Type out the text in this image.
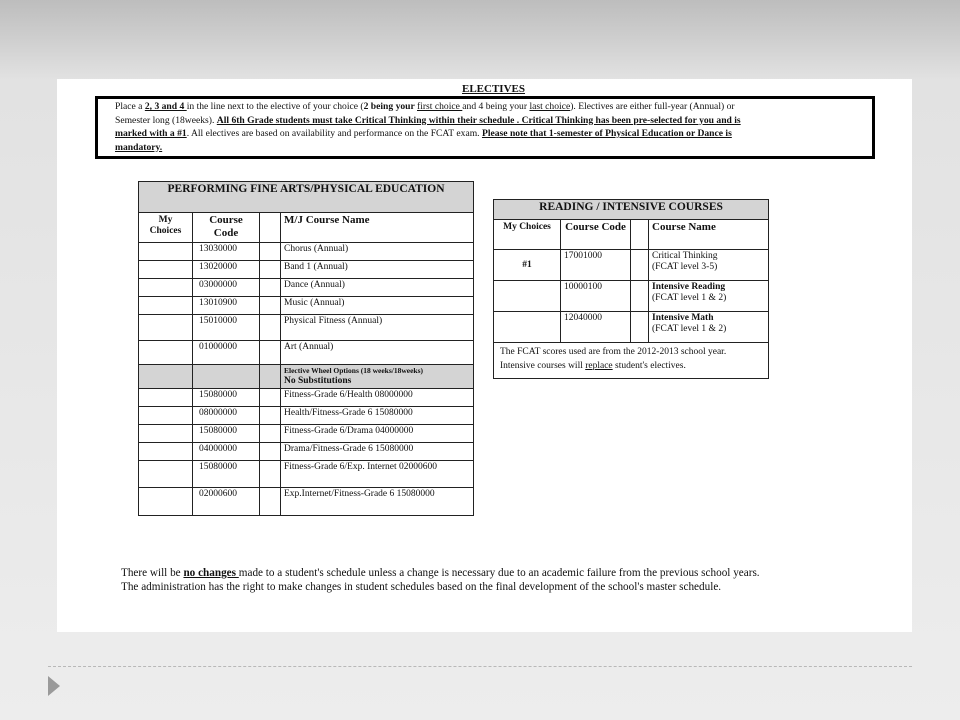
ELECTIVES
Place a 2, 3 and 4 in the line next to the elective of your choice (2 being your first choice and 4 being your last choice). Electives are either full-year (Annual) or
Semester long (18weeks). All 6th Grade students must take Critical Thinking within their schedule . Critical Thinking has been pre-selected for you and is
marked with a #1. All electives are based on availability and performance on the FCAT exam. Please note that 1-semester of Physical Education or Dance is
mandatory.
PERFORMING FINE ARTS/PHYSICAL EDUCATION			
My Choices	Course Code		M/J Course Name
	13030000		Chorus (Annual)
	13020000		Band 1 (Annual)
	03000000		Dance (Annual)
	13010900		Music (Annual)
	15010000		Physical Fitness (Annual)
	01000000		Art (Annual)

			Elective Wheel Options (18 weeks/18weeks)
No Substitutions

	15080000		Fitness-Grade 6/Health 08000000
	08000000		Health/Fitness-Grade 6 15080000
	15080000		Fitness-Grade 6/Drama 04000000
	04000000		Drama/Fitness-Grade 6 15080000
	15080000		Fitness-Grade 6/Exp. Internet 02000600
	02000600		Exp.Internet/Fitness-Grade 6 15080000
READING / INTENSIVE COURSES			
My Choices	Course Code		Course Name
#1	17001000		Critical Thinking
(FCAT level 3-5)

	10000100		Intensive Reading
(FCAT level 1 & 2)

	12040000		Intensive Math
(FCAT level 1 & 2)

The FCAT scores used are from the 2012-2013 school year. Intensive courses will replace student's electives.			
There will be no changes made to a student's schedule unless a change is necessary due to an academic failure from the previous school years.
The administration has the right to make changes in student schedules based on the final development of the school's master schedule.
